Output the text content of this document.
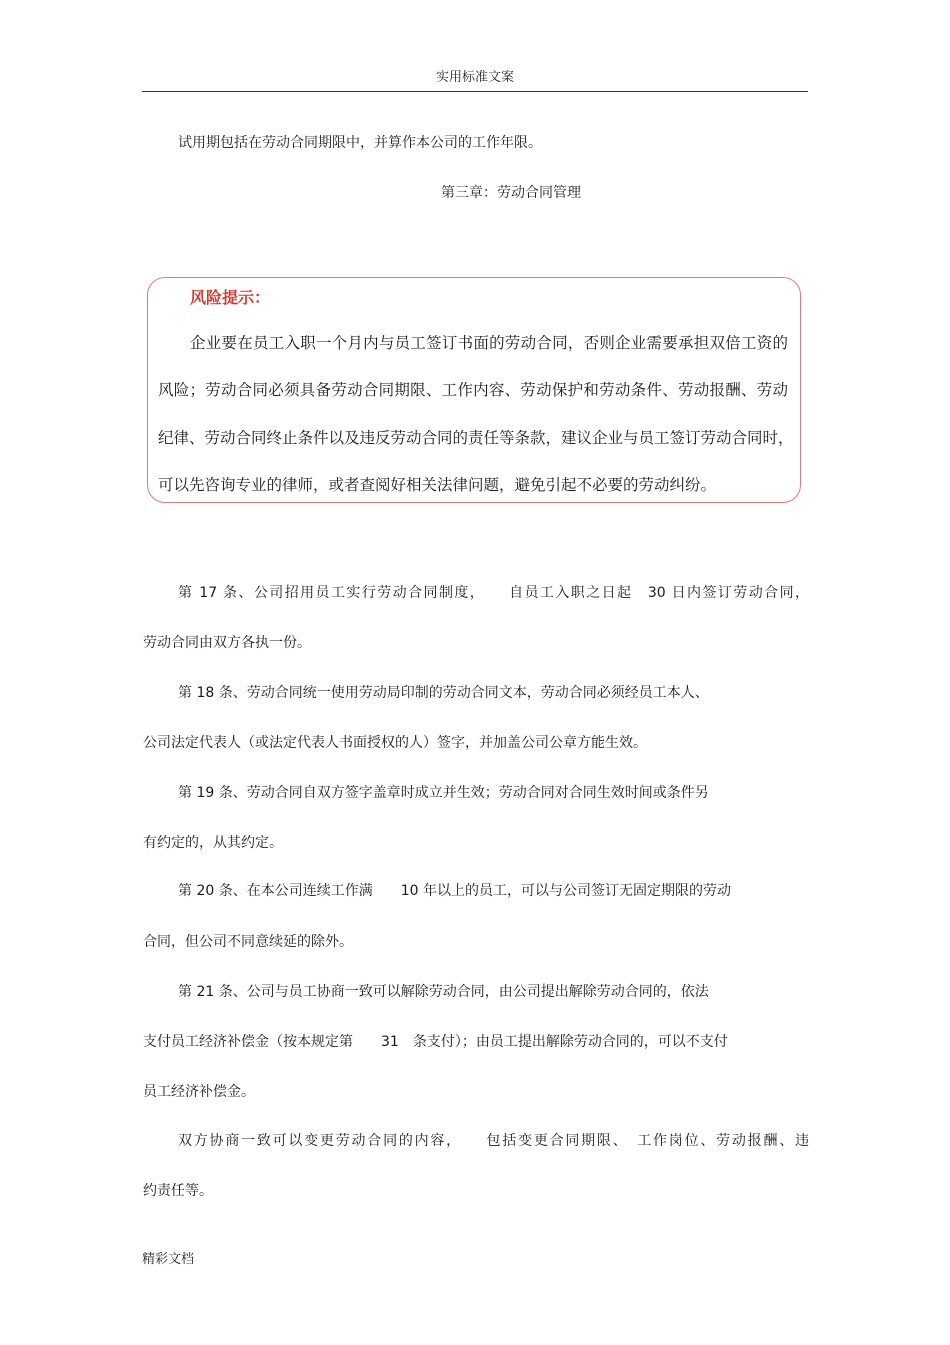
实用标准文案
试用期包括在劳动合同期限中，并算作本公司的工作年限。
第三章：劳动合同管理
风险提示：
企业要在员工入职一个月内与员工签订书面的劳动合同，否则企业需要承担双倍工资的
风险；劳动合同必须具备劳动合同期限、工作内容、劳动保护和劳动条件、劳动报酬、劳动
纪律、劳动合同终止条件以及违反劳动合同的责任等条款，建议企业与员工签订劳动合同时，
可以先咨询专业的律师，或者查阅好相关法律问题，避免引起不必要的劳动纠纷。
第 17 条、公司招用员工实行劳动合同制度，　　自员工入职之日起　30 日内签订劳动合同，
劳动合同由双方各执一份。
第 18 条、劳动合同统一使用劳动局印制的劳动合同文本，劳动合同必须经员工本人、
公司法定代表人（或法定代表人书面授权的人）签字，并加盖公司公章方能生效。
第 19 条、劳动合同自双方签字盖章时成立并生效；劳动合同对合同生效时间或条件另
有约定的，从其约定。
第 20 条、在本公司连续工作满　　10 年以上的员工，可以与公司签订无固定期限的劳动
合同，但公司不同意续延的除外。
第 21 条、公司与员工协商一致可以解除劳动合同，由公司提出解除劳动合同的，依法
支付员工经济补偿金（按本规定第　　31　条支付）；由员工提出解除劳动合同的，可以不支付
员工经济补偿金。
双方协商一致可以变更劳动合同的内容，　　包括变更合同期限、　工作岗位、劳动报酬、违
约责任等。
精彩文档
